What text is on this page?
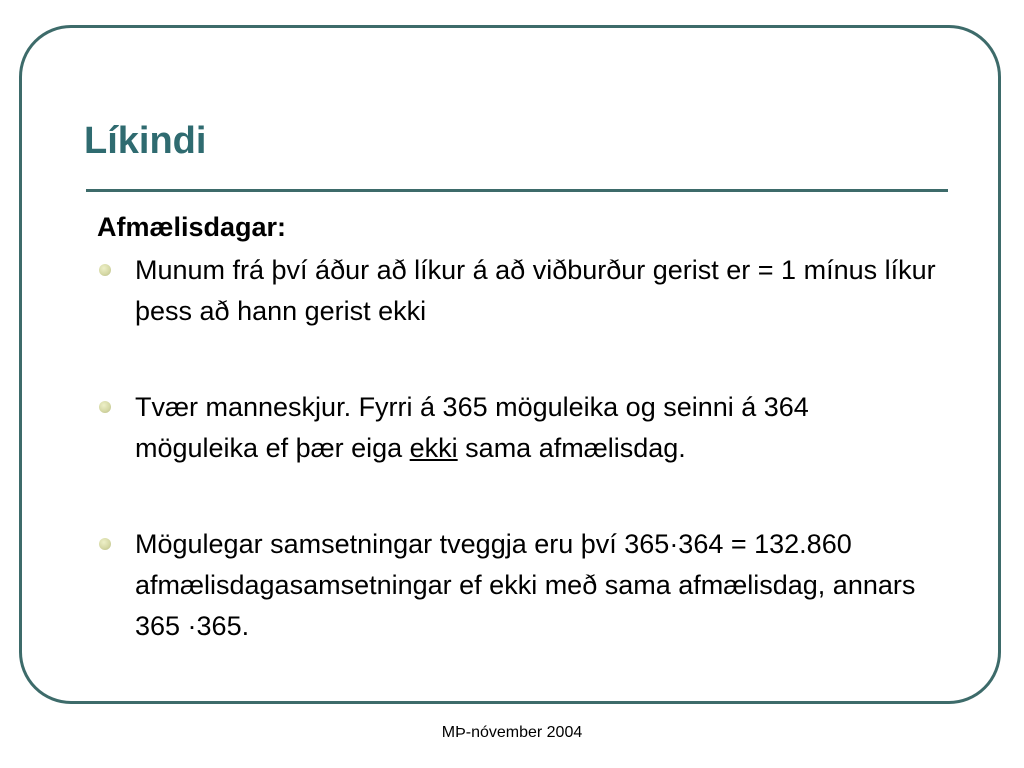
Líkindi
Afmælisdagar:
Munum frá því áður að líkur á að viðburður gerist er = 1 mínus líkur þess að hann gerist ekki
Tvær manneskjur. Fyrri á 365 möguleika og seinni á 364 möguleika ef þær eiga ekki sama afmælisdag.
Mögulegar samsetningar tveggja eru því 365·364 = 132.860 afmælisdagasamsetningar ef ekki með sama afmælisdag, annars 365 ·365.
MÞ-nóvember 2004
